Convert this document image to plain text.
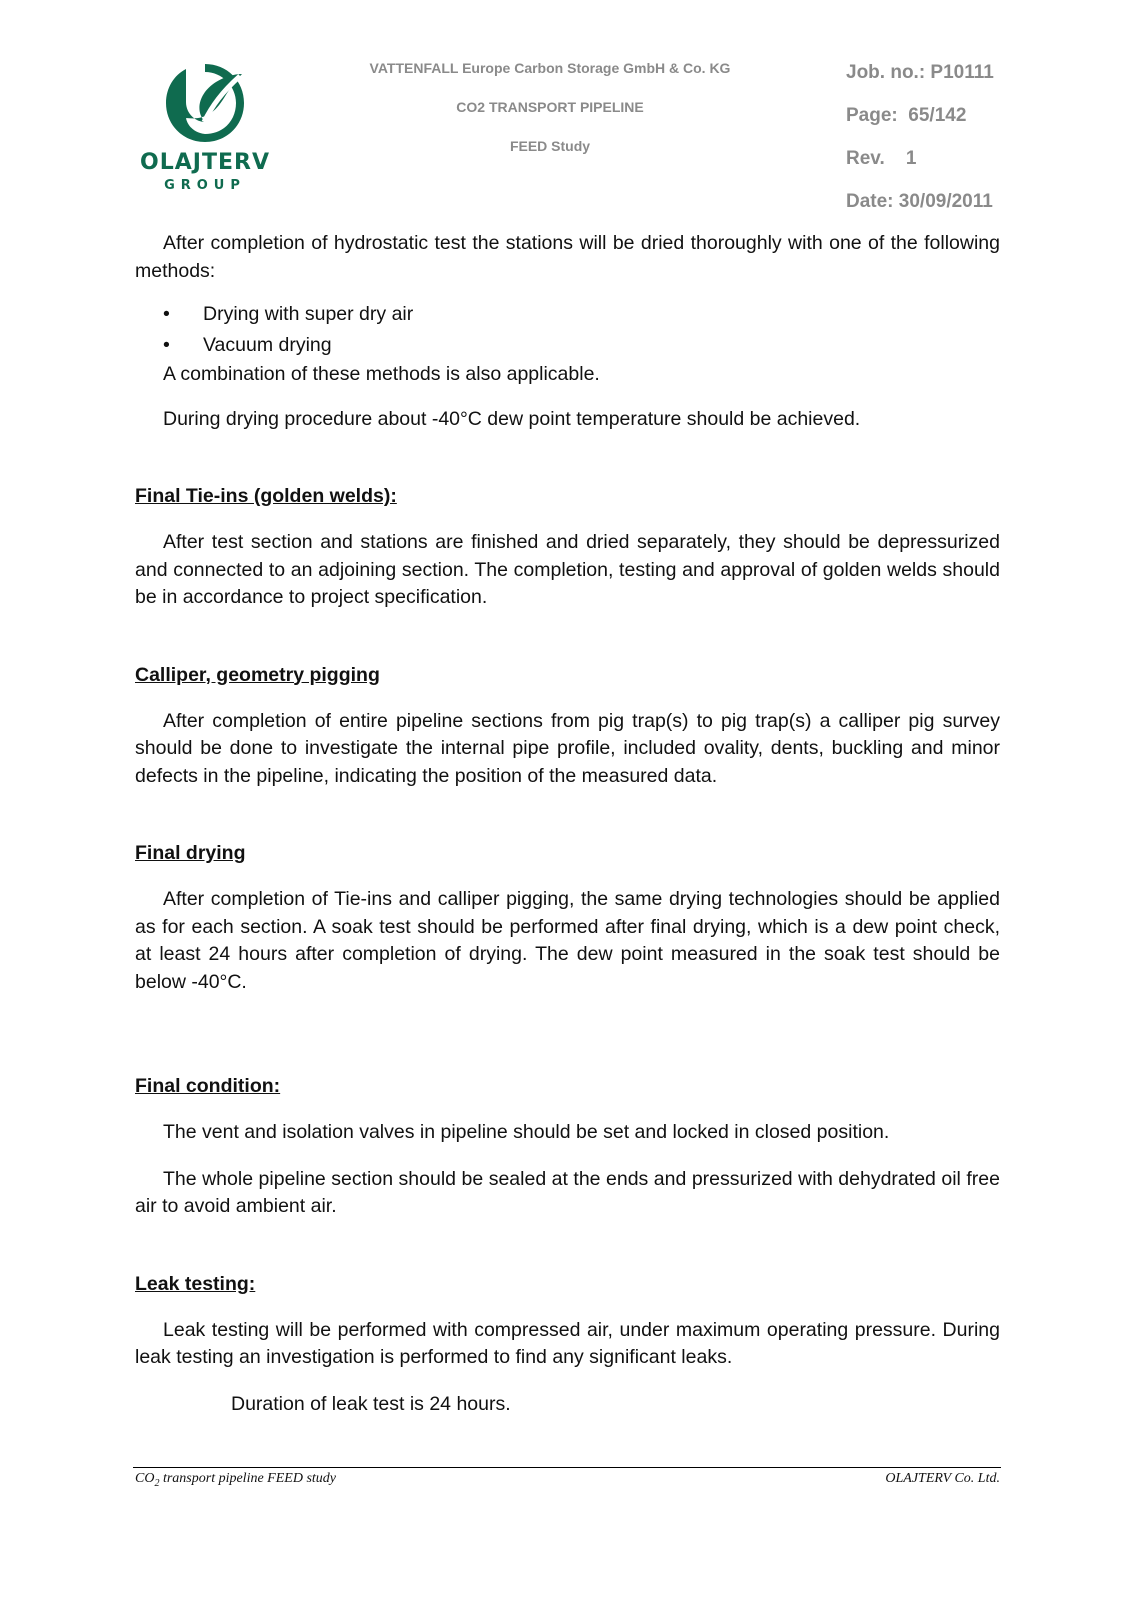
OLAJTERV
GROUP
VATTENFALL Europe Carbon Storage GmbH & Co. KG
CO2 TRANSPORT PIPELINE
FEED Study
Job. no.: P10111
Page:  65/142
Rev.    1
Date: 30/09/2011

After completion of hydrostatic test the stations will be dried thoroughly with one of the following methods:

• Drying with super dry air
• Vacuum drying

A combination of these methods is also applicable.

During drying procedure about -40°C dew point temperature should be achieved.

Final Tie-ins (golden welds):

After test section and stations are finished and dried separately, they should be depressurized and connected to an adjoining section. The completion, testing and approval of golden welds should be in accordance to project specification.

Calliper, geometry pigging

After completion of entire pipeline sections from pig trap(s) to pig trap(s) a calliper pig survey should be done to investigate the internal pipe profile, included ovality, dents, buckling and minor defects in the pipeline, indicating the position of the measured data.

Final drying

After completion of Tie-ins and calliper pigging, the same drying technologies should be applied as for each section. A soak test should be performed after final drying, which is a dew point check, at least 24 hours after completion of drying. The dew point measured in the soak test should be below -40°C.

Final condition:

The vent and isolation valves in pipeline should be set and locked in closed position.

The whole pipeline section should be sealed at the ends and pressurized with dehydrated oil free air to avoid ambient air.

Leak testing:

Leak testing will be performed with compressed air, under maximum operating pressure. During leak testing an investigation is performed to find any significant leaks.

Duration of leak test is 24 hours.

$CO_2$ transport pipeline FEED study	OLAJTERV Co. Ltd.
